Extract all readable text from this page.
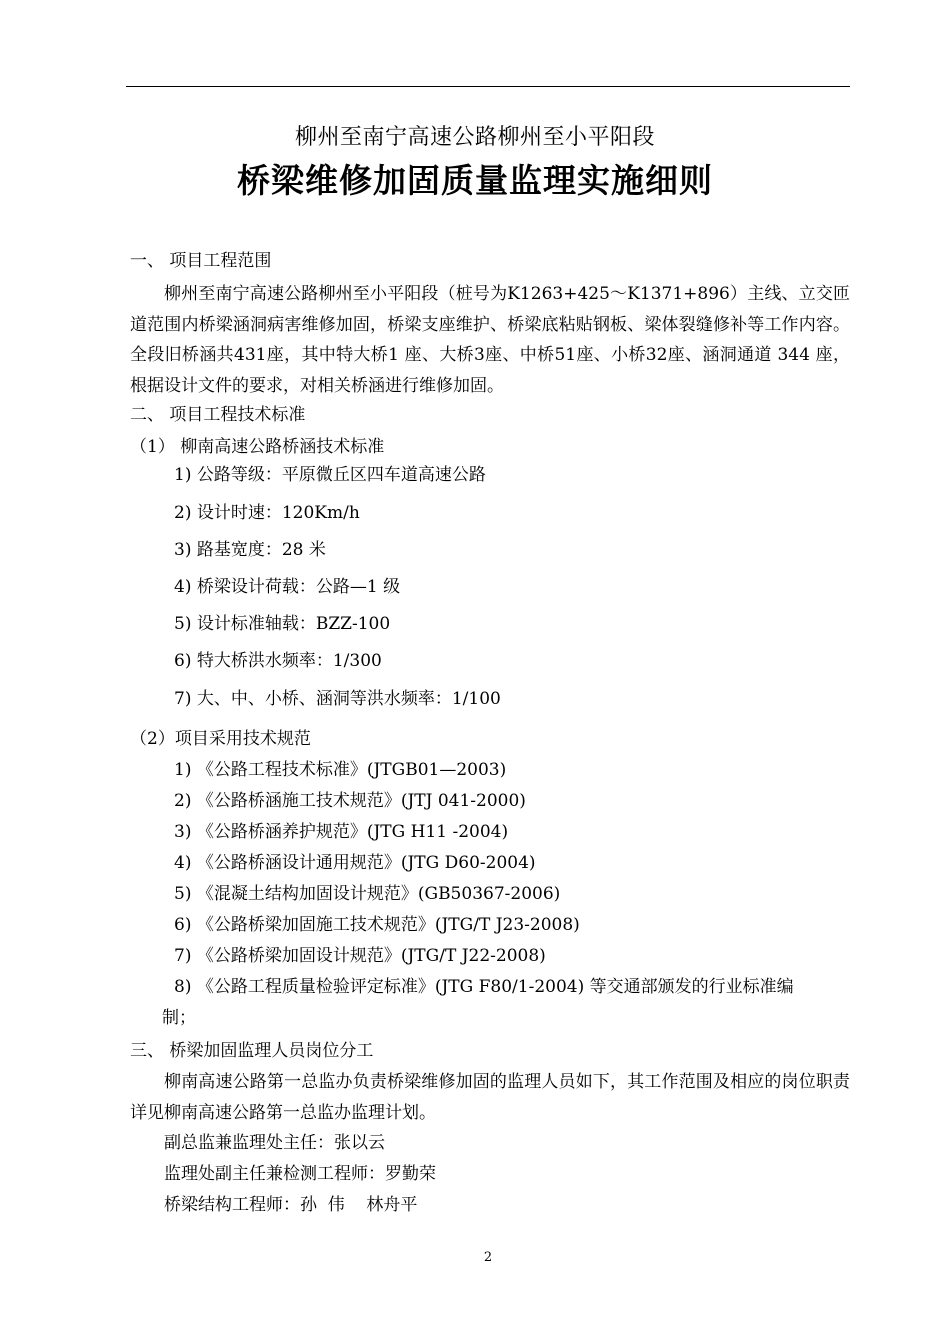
柳州至南宁高速公路柳州至小平阳段
桥梁维修加固质量监理实施细则
一、 项目工程范围
柳州至南宁高速公路柳州至小平阳段（桩号为K1263+425～K1371+896）主线、立交匝道范围内桥梁涵洞病害维修加固，桥梁支座维护、桥梁底粘贴钢板、梁体裂缝修补等工作内容。全段旧桥涵共431座，其中特大桥1 座、大桥3座、中桥51座、小桥32座、涵洞通道 344 座，根据设计文件的要求，对相关桥涵进行维修加固。
二、 项目工程技术标准
（1） 柳南高速公路桥涵技术标准
1) 公路等级：平原微丘区四车道高速公路
2) 设计时速：120Km/h
3) 路基宽度：28 米
4) 桥梁设计荷载：公路—1 级
5) 设计标准轴载：BZZ-100
6) 特大桥洪水频率：1/300
7) 大、中、小桥、涵洞等洪水频率：1/100
（2）项目采用技术规范
1) 《公路工程技术标准》(JTGB01—2003)
2) 《公路桥涵施工技术规范》(JTJ 041-2000)
3) 《公路桥涵养护规范》(JTG H11 -2004)
4) 《公路桥涵设计通用规范》(JTG D60-2004)
5) 《混凝土结构加固设计规范》(GB50367-2006)
6) 《公路桥梁加固施工技术规范》(JTG/T J23-2008)
7) 《公路桥梁加固设计规范》(JTG/T J22-2008)
8) 《公路工程质量检验评定标准》(JTG F80/1-2004) 等交通部颁发的行业标准编
制；
三、 桥梁加固监理人员岗位分工
柳南高速公路第一总监办负责桥梁维修加固的监理人员如下，其工作范围及相应的岗位职责详见柳南高速公路第一总监办监理计划。
副总监兼监理处主任：张以云
监理处副主任兼检测工程师：罗勤荣
桥梁结构工程师：孙  伟    林舟平
2
